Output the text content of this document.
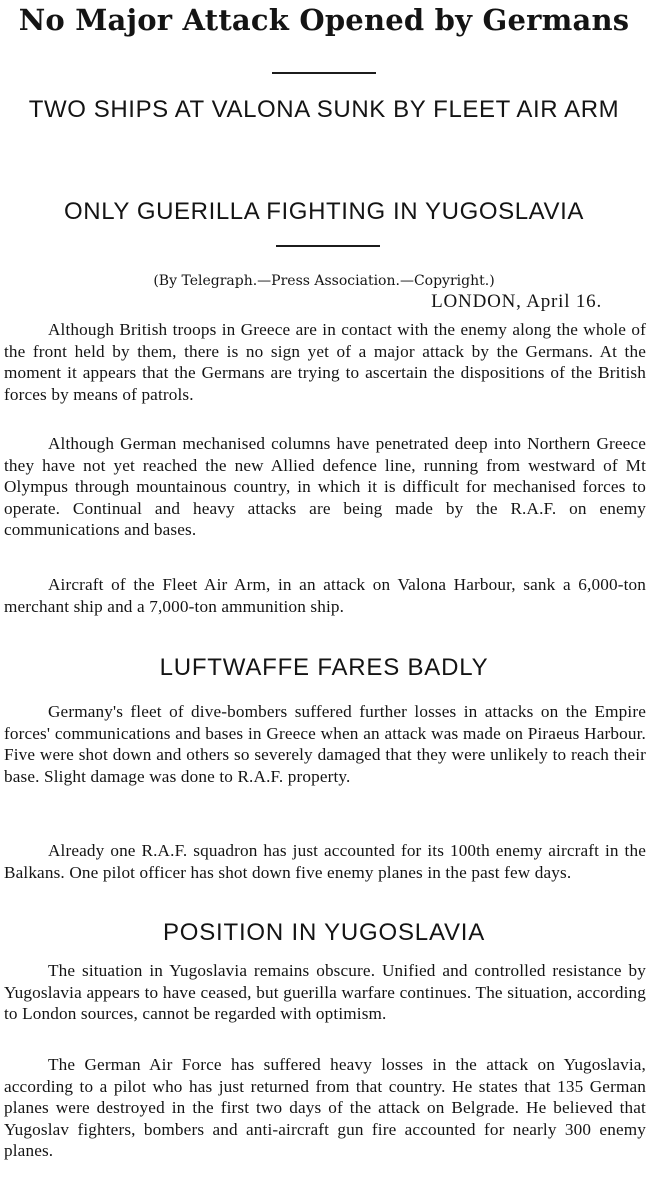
No Major Attack Opened by Germans
TWO SHIPS AT VALONA SUNK BY FLEET AIR ARM
ONLY GUERILLA FIGHTING IN YUGOSLAVIA

(By Telegraph.—Press Association.—Copyright.)

LONDON, April 16.

Although British troops in Greece are in contact with the enemy along the whole of the front held by them, there is no sign yet of a major attack by the Germans. At the moment it appears that the Germans are trying to ascertain the dispositions of the British forces by means of patrols.

Although German mechanised columns have penetrated deep into Northern Greece they have not yet reached the new Allied defence line, running from westward of Mt Olympus through mountainous country, in which it is difficult for mechanised forces to operate. Continual and heavy attacks are being made by the R.A.F. on enemy communications and bases.

Aircraft of the Fleet Air Arm, in an attack on Valona Harbour, sank a 6,000-ton merchant ship and a 7,000-ton ammunition ship.

LUFTWAFFE FARES BADLY

Germany's fleet of dive-bombers suffered further losses in attacks on the Empire forces' communications and bases in Greece when an attack was made on Piraeus Harbour. Five were shot down and others so severely damaged that they were unlikely to reach their base. Slight damage was done to R.A.F. property.

Already one R.A.F. squadron has just accounted for its 100th enemy aircraft in the Balkans. One pilot officer has shot down five enemy planes in the past few days.

POSITION IN YUGOSLAVIA

The situation in Yugoslavia remains obscure. Unified and controlled resistance by Yugoslavia appears to have ceased, but guerilla warfare continues. The situation, according to London sources, cannot be regarded with optimism.

The German Air Force has suffered heavy losses in the attack on Yugoslavia, according to a pilot who has just returned from that country. He states that 135 German planes were destroyed in the first two days of the attack on Belgrade. He believed that Yugoslav fighters, bombers and anti-aircraft gun fire accounted for nearly 300 enemy planes.
